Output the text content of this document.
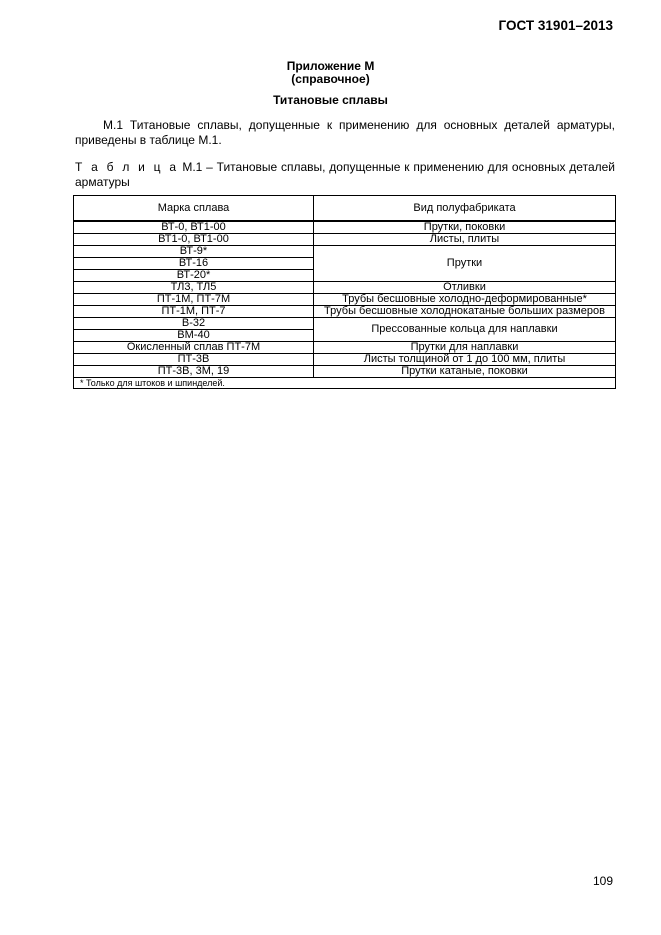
ГОСТ 31901–2013
Приложение М
(справочное)
Титановые сплавы
М.1 Титановые сплавы, допущенные к применению для основных деталей арматуры, приведены в таблице М.1.
Т а б л и ц а М.1 – Титановые сплавы, допущенные к применению для основных деталей арматуры
Марка сплава	Вид полуфабриката
ВТ-0, ВТ1-00	Прутки, поковки
ВТ1-0, ВТ1-00	Листы, плиты
ВТ-9*	Прутки
ВТ-16	
ВТ-20*	
ТЛ3, ТЛ5	Отливки
ПТ-1М, ПТ-7М	Трубы бесшовные холодно-деформированные*
ПТ-1М, ПТ-7	Трубы бесшовные холоднокатаные больших размеров
В-32	Прессованные кольца для наплавки
ВМ-40	
Окисленный сплав ПТ-7М	Прутки для наплавки
ПТ-3В	Листы толщиной от 1 до 100 мм, плиты
ПТ-3В, 3М, 19	Прутки катаные, поковки
* Только для штоков и шпинделей.	
109
